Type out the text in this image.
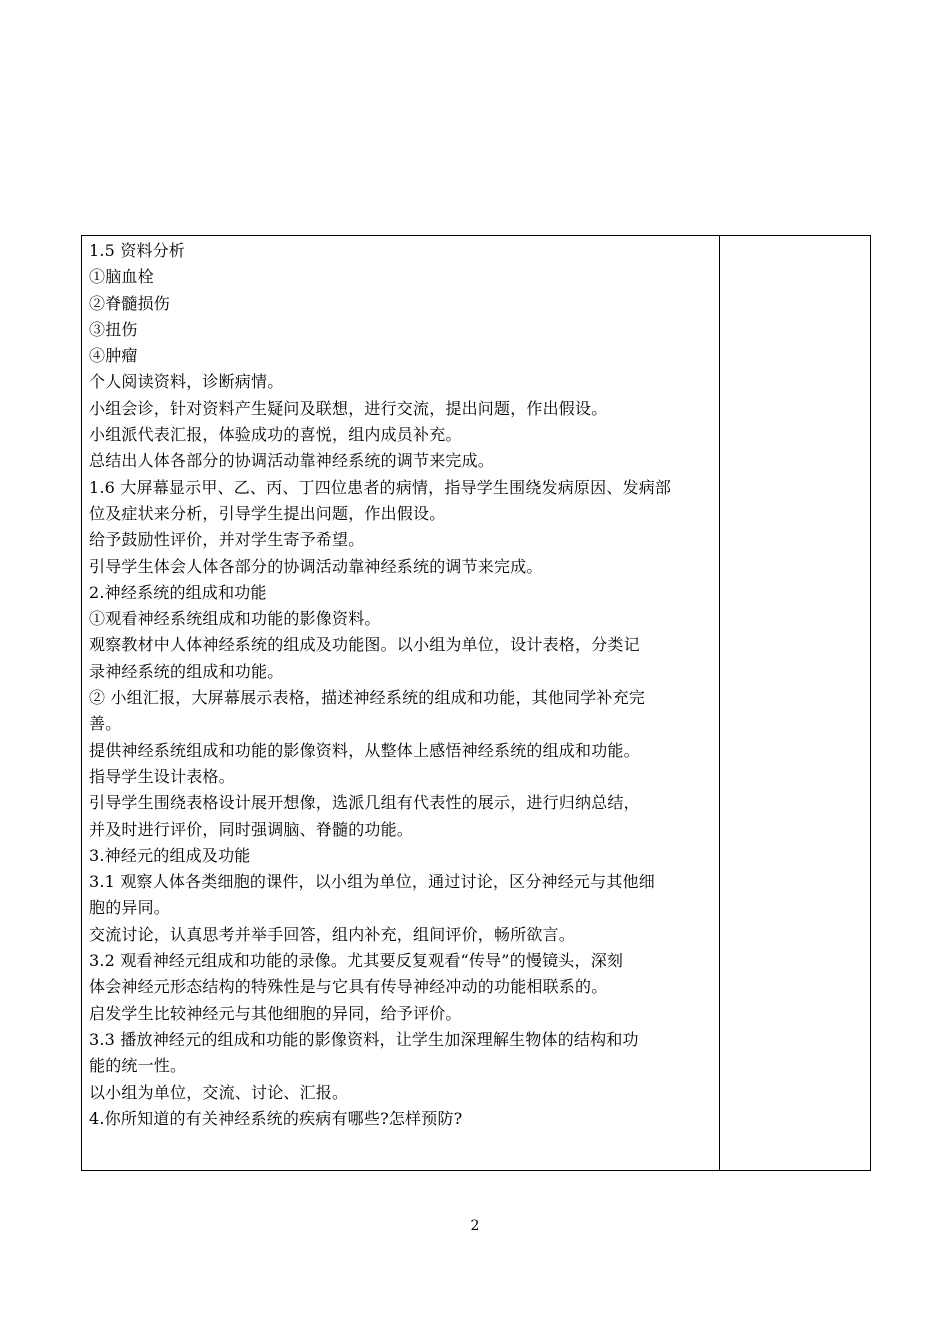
1.5 资料分析
①脑血栓
②脊髓损伤
③扭伤
④肿瘤
个人阅读资料，诊断病情。
小组会诊，针对资料产生疑问及联想，进行交流，提出问题，作出假设。
小组派代表汇报，体验成功的喜悦，组内成员补充。
总结出人体各部分的协调活动靠神经系统的调节来完成。
1.6 大屏幕显示甲、乙、丙、丁四位患者的病情，指导学生围绕发病原因、发病部
位及症状来分析，引导学生提出问题，作出假设。
给予鼓励性评价，并对学生寄予希望。
引导学生体会人体各部分的协调活动靠神经系统的调节来完成。
2.神经系统的组成和功能
①观看神经系统组成和功能的影像资料。
观察教材中人体神经系统的组成及功能图。以小组为单位，设计表格，分类记
录神经系统的组成和功能。
② 小组汇报，大屏幕展示表格，描述神经系统的组成和功能，其他同学补充完
善。
提供神经系统组成和功能的影像资料，从整体上感悟神经系统的组成和功能。
指导学生设计表格。
引导学生围绕表格设计展开想像，选派几组有代表性的展示，进行归纳总结，
并及时进行评价，同时强调脑、脊髓的功能。
3.神经元的组成及功能
3.1 观察人体各类细胞的课件，以小组为单位，通过讨论，区分神经元与其他细
胞的异同。
交流讨论，认真思考并举手回答，组内补充，组间评价，畅所欲言。
3.2 观看神经元组成和功能的录像。尤其要反复观看“传导”的慢镜头，深刻
体会神经元形态结构的特殊性是与它具有传导神经冲动的功能相联系的。
启发学生比较神经元与其他细胞的异同，给予评价。
3.3 播放神经元的组成和功能的影像资料，让学生加深理解生物体的结构和功
能的统一性。
以小组为单位，交流、讨论、汇报。
4.你所知道的有关神经系统的疾病有哪些?怎样预防?
2
